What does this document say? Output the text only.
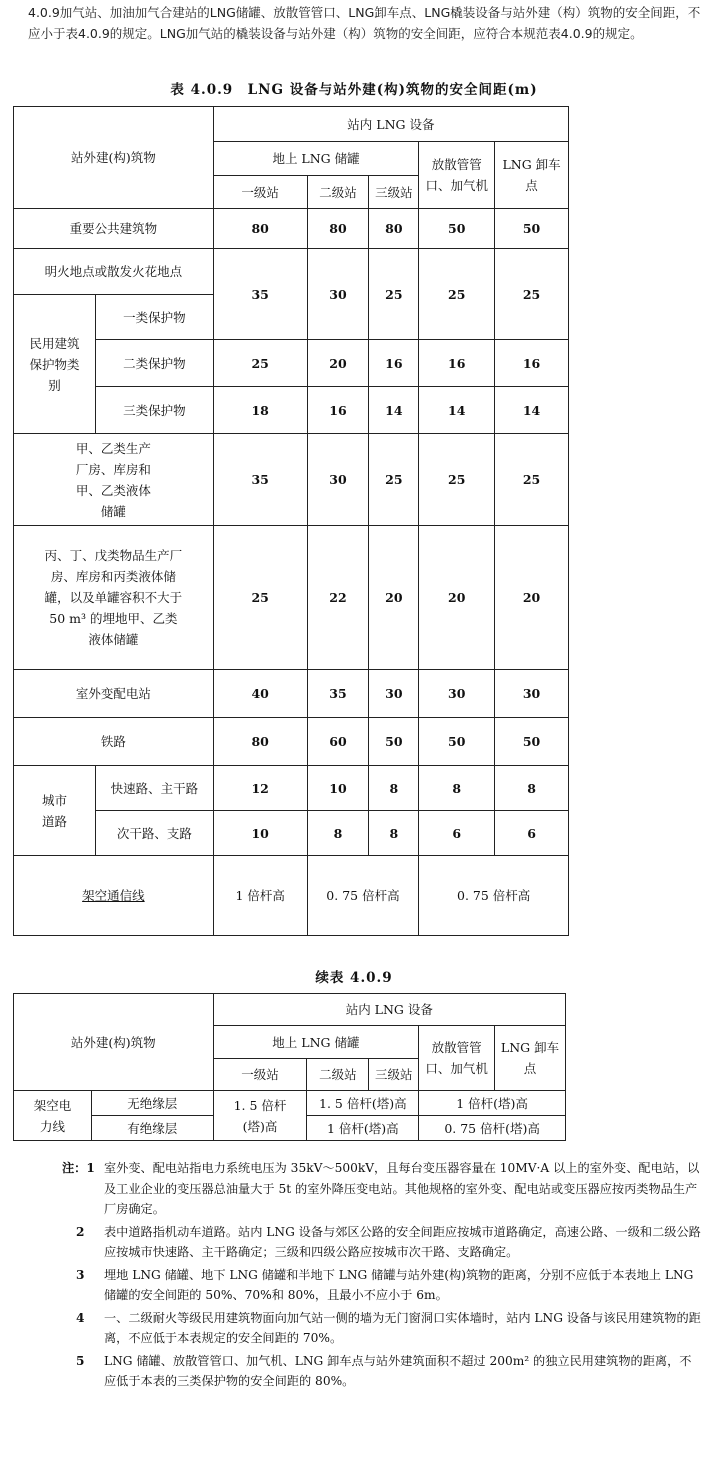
4.0.9加气站、加油加气合建站的LNG储罐、放散管管口、LNG卸车点、LNG橇装设备与站外建（构）筑物的安全间距，不应小于表4.0.9的规定。LNG加气站的橇装设备与站外建（构）筑物的安全间距，应符合本规范表4.0.9的规定。
表 4.0.9　LNG 设备与站外建(构)筑物的安全间距(m)
站外建(构)筑物		站内 LNG 设备				
		地上 LNG 储罐			放散管管口、加气机	LNG 卸车点
		一级站	二级站	三级站		
重要公共建筑物		80	80	80	50	50
明火地点或散发火花地点		35	30	25	25	25
民用建筑保护物类别	一类保护物					
	二类保护物	25	20	16	16	16
	三类保护物	18	16	14	14	14
甲、乙类生产厂房、库房和甲、乙类液体储罐		35	30	25	25	25
丙、丁、戊类物品生产厂房、库房和丙类液体储罐，以及单罐容积不大于 50 m³ 的埋地甲、乙类液体储罐		25	22	20	20	20
室外变配电站		40	35	30	30	30
铁路		80	60	50	50	50
城市道路	快速路、主干路	12	10	8	8	8
	次干路、支路	10	8	8	6	6
架空通信线		1 倍杆高	0. 75 倍杆高		0. 75 倍杆高	
续表 4.0.9
站外建(构)筑物		站内 LNG 设备				
		地上 LNG 储罐			放散管管口、加气机	LNG 卸车点
		一级站	二级站	三级站		
架空电力线	无绝缘层	1. 5 倍杆(塔)高	1. 5 倍杆(塔)高		1 倍杆(塔)高	
	有绝缘层		1 倍杆(塔)高		0. 75 倍杆(塔)高	
注：1 室外变、配电站指电力系统电压为 35kV～500kV，且每台变压器容量在 10MV·A 以上的室外变、配电站，以及工业企业的变压器总油量大于 5t 的室外降压变电站。其他规格的室外变、配电站或变压器应按丙类物品生产厂房确定。
2	表中道路指机动车道路。站内 LNG 设备与郊区公路的安全间距应按城市道路确定，高速公路、一级和二级公路应按城市快速路、主干路确定；三级和四级公路应按城市次干路、支路确定。
3	埋地 LNG 储罐、地下 LNG 储罐和半地下 LNG 储罐与站外建(构)筑物的距离，分别不应低于本表地上 LNG 储罐的安全间距的 50%、70%和 80%，且最小不应小于 6m。
4	一、二级耐火等级民用建筑物面向加气站一侧的墙为无门窗洞口实体墙时，站内 LNG 设备与该民用建筑物的距离，不应低于本表规定的安全间距的 70%。
5	LNG 储罐、放散管管口、加气机、LNG 卸车点与站外建筑面积不超过 200m² 的独立民用建筑物的距离，不应低于本表的三类保护物的安全间距的 80%。
